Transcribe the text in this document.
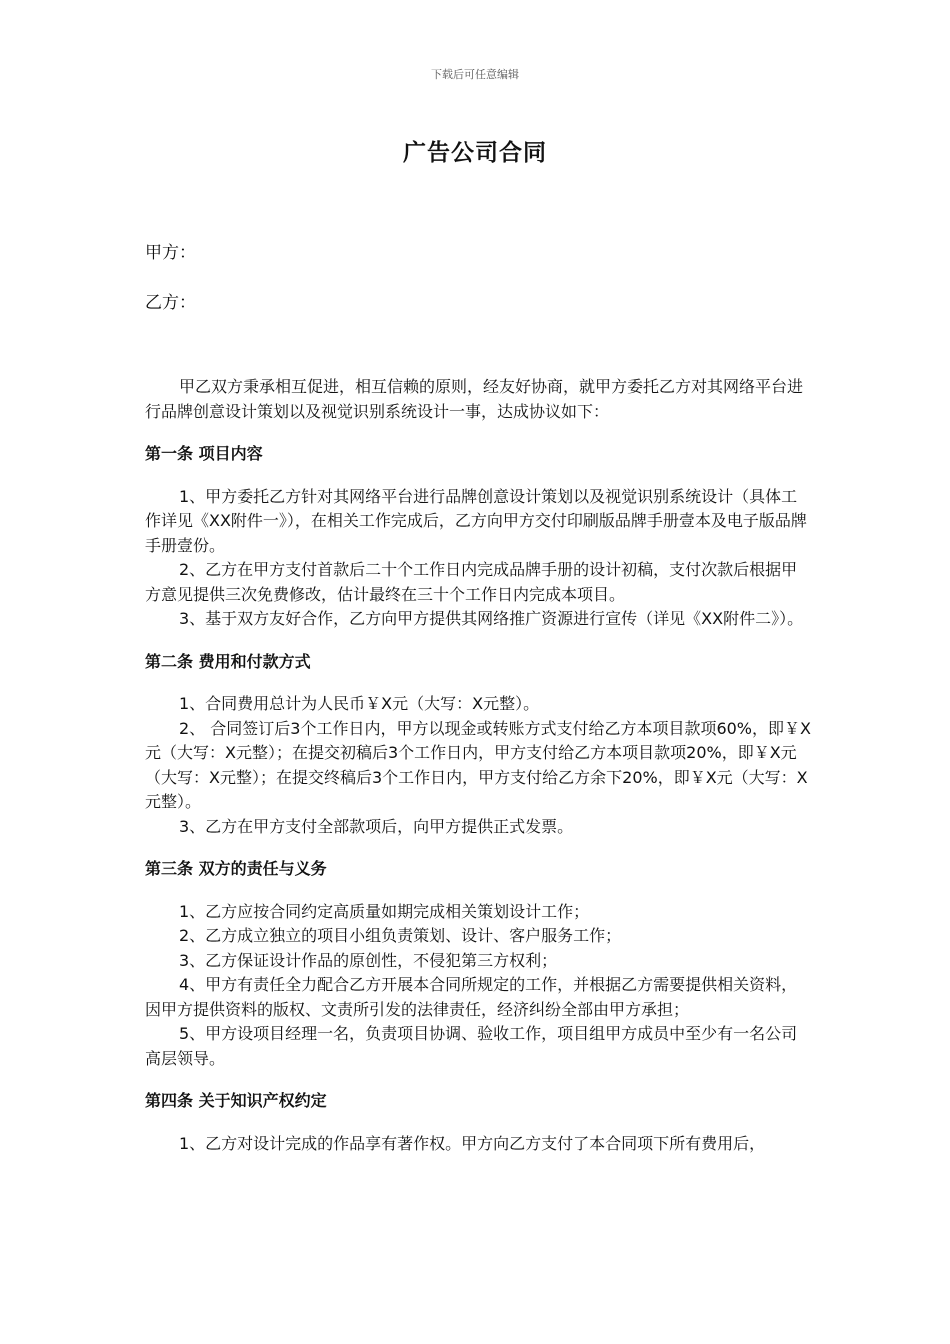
下载后可任意编辑
广告公司合同
甲方：
乙方：

甲乙双方秉承相互促进，相互信赖的原则，经友好协商，就甲方委托乙方对其网络平台进行品牌创意设计策划以及视觉识别系统设计一事，达成协议如下：

第一条 项目内容

1、甲方委托乙方针对其网络平台进行品牌创意设计策划以及视觉识别系统设计（具体工作详见《XX附件一》），在相关工作完成后，乙方向甲方交付印刷版品牌手册壹本及电子版品牌手册壹份。

2、乙方在甲方支付首款后二十个工作日内完成品牌手册的设计初稿，支付次款后根据甲方意见提供三次免费修改，估计最终在三十个工作日内完成本项目。

3、基于双方友好合作，乙方向甲方提供其网络推广资源进行宣传（详见《XX附件二》）。

第二条 费用和付款方式

1、合同费用总计为人民币￥X元（大写：X元整）。

2、 合同签订后3个工作日内，甲方以现金或转账方式支付给乙方本项目款项60%，即￥X元（大写：X元整）；在提交初稿后3个工作日内，甲方支付给乙方本项目款项20%，即￥X元（大写：X元整）；在提交终稿后3个工作日内，甲方支付给乙方余下20%，即￥X元（大写：X元整）。

3、乙方在甲方支付全部款项后，向甲方提供正式发票。

第三条 双方的责任与义务

1、乙方应按合同约定高质量如期完成相关策划设计工作；

2、乙方成立独立的项目小组负责策划、设计、客户服务工作；

3、乙方保证设计作品的原创性，不侵犯第三方权利；

4、甲方有责任全力配合乙方开展本合同所规定的工作，并根据乙方需要提供相关资料，因甲方提供资料的版权、文责所引发的法律责任，经济纠纷全部由甲方承担；

5、甲方设项目经理一名，负责项目协调、验收工作，项目组甲方成员中至少有一名公司高层领导。

第四条 关于知识产权约定

1、乙方对设计完成的作品享有著作权。甲方向乙方支付了本合同项下所有费用后，
